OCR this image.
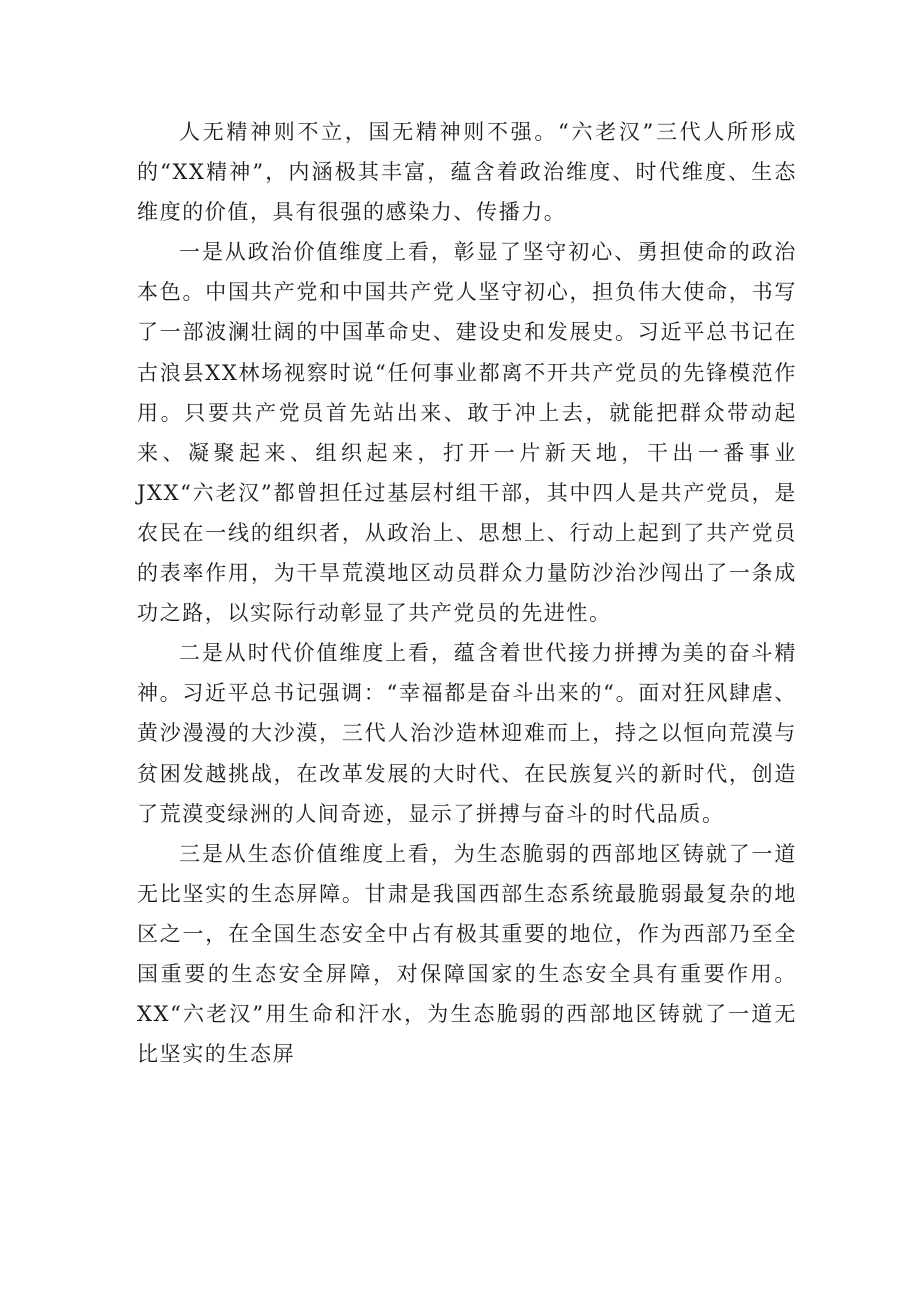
人无精神则不立，国无精神则不强。“六老汉”三代人所形成的“XX精神”，内涵极其丰富，蕴含着政治维度、时代维度、生态维度的价值，具有很强的感染力、传播力。

一是从政治价值维度上看，彰显了坚守初心、勇担使命的政治本色。中国共产党和中国共产党人坚守初心，担负伟大使命，书写了一部波澜壮阔的中国革命史、建设史和发展史。习近平总书记在古浪县XX林场视察时说“任何事业都离不开共产党员的先锋模范作用。只要共产党员首先站出来、敢于冲上去，就能把群众带动起来、凝聚起来、组织起来，打开一片新天地，干出一番事业JXX“六老汉”都曾担任过基层村组干部，其中四人是共产党员，是农民在一线的组织者，从政治上、思想上、行动上起到了共产党员的表率作用，为干旱荒漠地区动员群众力量防沙治沙闯出了一条成功之路，以实际行动彰显了共产党员的先进性。

二是从时代价值维度上看，蕴含着世代接力拼搏为美的奋斗精神。习近平总书记强调：“幸福都是奋斗出来的“。面对狂风肆虐、黄沙漫漫的大沙漠，三代人治沙造林迎难而上，持之以恒向荒漠与贫困发越挑战，在改革发展的大时代、在民族复兴的新时代，创造了荒漠变绿洲的人间奇迹，显示了拼搏与奋斗的时代品质。

三是从生态价值维度上看，为生态脆弱的西部地区铸就了一道无比坚实的生态屏障。甘肃是我国西部生态系统最脆弱最复杂的地区之一，在全国生态安全中占有极其重要的地位，作为西部乃至全国重要的生态安全屏障，对保障国家的生态安全具有重要作用。XX“六老汉”用生命和汗水，为生态脆弱的西部地区铸就了一道无比坚实的生态屏
